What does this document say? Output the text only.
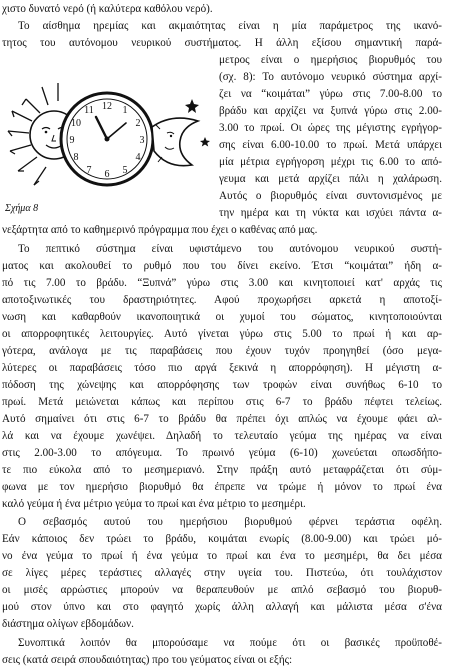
12 1
2
3
4
5
6
7
8
9
10
11
Σχήμα 8
χιστο δυνατό νερό (ή καλύτερα καθόλου νερό).
Το αίσθημα ηρεμίας και ακμαιότητας είναι η μία παράμετρος της ικανό-
τητος του αυτόνομου νευρικού συστήματος. Η άλλη εξίσου σημαντική παρά-
μετρος είναι ο ημερήσιος βιορυθμός του
(σχ. 8): Το αυτόνομο νευρικό σύστημα αρχί-
ζει να “κοιμάται” γύρω στις 7.00-8.00 το
βράδυ και αρχίζει να ξυπνά γύρω στις 2.00-
3.00 το πρωί. Οι ώρες της μέγιστης εγρήγορ-
σης είναι 6.00-10.00 το πρωί. Μετά υπάρχει
μία μέτρια εγρήγορση μέχρι τις 6.00 το από-
γευμα και μετά αρχίζει πάλι η χαλάρωση.
Αυτός ο βιορυθμός είναι συντονισμένος με
την ημέρα και τη νύκτα και ισχύει πάντα α-
νεξάρτητα από το καθημερινό πρόγραμμα που έχει ο καθένας από μας.
Το πεπτικό σύστημα είναι υφιστάμενο του αυτόνομου νευρικού συστή-
ματος και ακολουθεί το ρυθμό που του δίνει εκείνο. Έτσι “κοιμάται” ήδη α-
πό τις 7.00 το βράδυ. “Ξυπνά” γύρω στις 3.00 και κινητοποιεί κατ' αρχάς τις
αποτοξινωτικές του δραστηριότητες. Αφού προχωρήσει αρκετά η αποτοξί-
νωση και καθαρθούν ικανοποιητικά οι χυμοί του σώματος, κινητοποιούνται
οι απορροφητικές λειτουργίες. Αυτό γίνεται γύρω στις 5.00 το πρωί ή και αρ-
γότερα, ανάλογα με τις παραβάσεις που έχουν τυχόν προηγηθεί (όσο μεγα-
λύτερες οι παραβάσεις τόσο πιο αργά ξεκινά η απορρόφηση). Η μέγιστη α-
πόδοση της χώνεψης και απορρόφησης των τροφών είναι συνήθως 6-10 το
πρωί. Μετά μειώνεται κάπως και περίπου στις 6-7 το βράδυ πέφτει τελείως.
Αυτό σημαίνει ότι στις 6-7 το βράδυ θα πρέπει όχι απλώς να έχουμε φάει αλ-
λά και να έχουμε χωνέψει. Δηλαδή το τελευταίο γεύμα της ημέρας να είναι
στις 2.00-3.00 το απόγευμα. Το πρωινό γεύμα (6-10) χωνεύεται οπωσδήπο-
τε πιο εύκολα από το μεσημεριανό. Στην πράξη αυτό μεταφράζεται ότι σύμ-
φωνα με τον ημερήσιο βιορυθμό θα έπρεπε να τρώμε ή μόνον το πρωί ένα
καλό γεύμα ή ένα μέτριο γεύμα το πρωί και ένα μέτριο το μεσημέρι.
Ο σεβασμός αυτού του ημερήσιου βιορυθμού φέρνει τεράστια οφέλη.
Εάν κάποιος δεν τρώει το βράδυ, κοιμάται ενωρίς (8.00-9.00) και τρώει μό-
νο ένα γεύμα το πρωί ή ένα γεύμα το πρωί και ένα το μεσημέρι, θα δει μέσα
σε λίγες μέρες τεράστιες αλλαγές στην υγεία του. Πιστεύω, ότι τουλάχιστον
οι μισές αρρώστιες μπορούν να θεραπευθούν με απλό σεβασμό του βιορυθ-
μού στον ύπνο και στο φαγητό χωρίς άλλη αλλαγή και μάλιστα μέσα σ'ένα
διάστημα ολίγων εβδομάδων.
Συνοπτικά λοιπόν θα μπορούσαμε να πούμε ότι οι βασικές προϋποθέ-
σεις (κατά σειρά σπουδαιότητας) προ του γεύματος είναι οι εξής:
